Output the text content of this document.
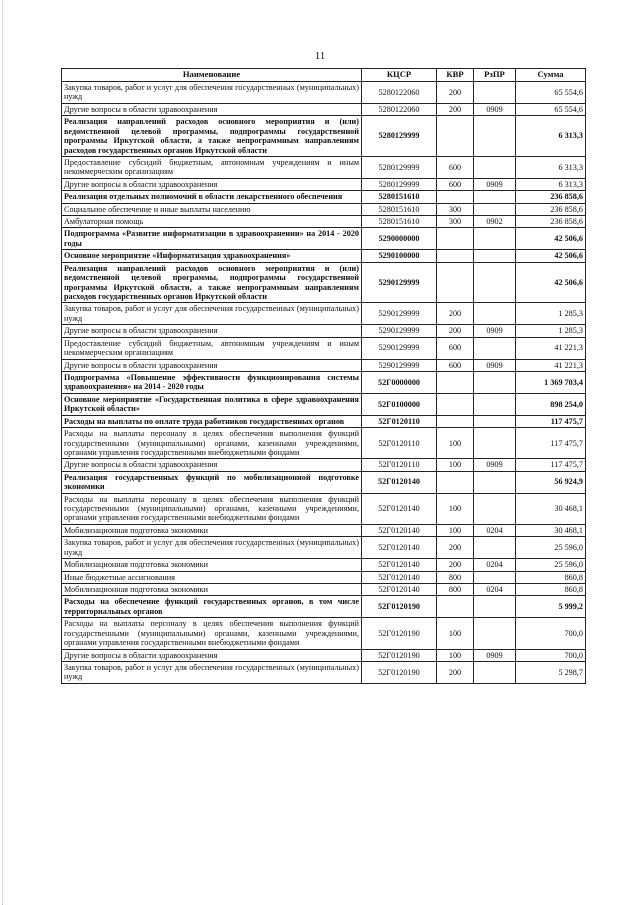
11
Наименование	КЦСР	КВР	РзПР	Сумма
Закупка товаров, работ и услуг для обеспечения государственных (муниципальных) нужд	5280122060	200		65 554,6
Другие вопросы в области здравоохранения	5280122060	200	0909	65 554,6
Реализация направлений расходов основного мероприятия и (или) ведомственной целевой программы, подпрограммы государственной программы Иркутской области, а также непрограммным направлениям расходов государственных органов Иркутской области	5280129999			6 313,3
Предоставление субсидий бюджетным, автономным учреждениям и иным некоммерческим организациям	5280129999	600		6 313,3
Другие вопросы в области здравоохранения	5280129999	600	0909	6 313,3
Реализация отдельных полномочий в области лекарственного обеспечения	5280151610			236 858,6
Социальное обеспечение и иные выплаты населению	5280151610	300		236 858,6
Амбулаторная помощь	5280151610	300	0902	236 858,6
Подпрограмма «Развитие информатизации в здравоохранении» на 2014 - 2020 годы	5290000000			42 506,6
Основное мероприятие «Информатизация здравоохранения»	5290100000			42 506,6
Реализация направлений расходов основного мероприятия и (или) ведомственной целевой программы, подпрограммы государственной программы Иркутской области, а также непрограммным направлениям расходов государственных органов Иркутской области	5290129999			42 506,6
Закупка товаров, работ и услуг для обеспечения государственных (муниципальных) нужд	5290129999	200		1 285,3
Другие вопросы в области здравоохранения	5290129999	200	0909	1 285,3
Предоставление субсидий бюджетным, автономным учреждениям и иным некоммерческим организациям	5290129999	600		41 221,3
Другие вопросы в области здравоохранения	5290129999	600	0909	41 221,3
Подпрограмма «Повышение эффективности функционирования системы здравоохранения» на 2014 - 2020 годы	52Г0000000			1 369 703,4
Основное мероприятие «Государственная политика в сфере здравоохранения Иркутской области»	52Г0100000			898 254,0
Расходы на выплаты по оплате труда работников государственных органов	52Г0120110			117 475,7
Расходы на выплаты персоналу в целях обеспечения выполнения функций государственными (муниципальными) органами, казенными учреждениями, органами управления государственными внебюджетными фондами	52Г0120110	100		117 475,7
Другие вопросы в области здравоохранения	52Г0120110	100	0909	117 475,7
Реализация государственных функций по мобилизационной подготовке экономики	52Г0120140			56 924,9
Расходы на выплаты персоналу в целях обеспечения выполнения функций государственными (муниципальными) органами, казенными учреждениями, органами управления государственными внебюджетными фондами	52Г0120140	100		30 468,1
Мобилизационная подготовка экономики	52Г0120140	100	0204	30 468,1
Закупка товаров, работ и услуг для обеспечения государственных (муниципальных) нужд	52Г0120140	200		25 596,0
Мобилизационная подготовка экономики	52Г0120140	200	0204	25 596,0
Иные бюджетные ассигнования	52Г0120140	800		860,8
Мобилизационная подготовка экономики	52Г0120140	800	0204	860,8
Расходы на обеспечение функций государственных органов, в том числе территориальных органов	52Г0120190			5 999,2
Расходы на выплаты персоналу в целях обеспечения выполнения функций государственными (муниципальными) органами, казенными учреждениями, органами управления государственными внебюджетными фондами	52Г0120190	100		700,0
Другие вопросы в области здравоохранения	52Г0120190	100	0909	700,0
Закупка товаров, работ и услуг для обеспечения государственных (муниципальных) нужд	52Г0120190	200		5 298,7
